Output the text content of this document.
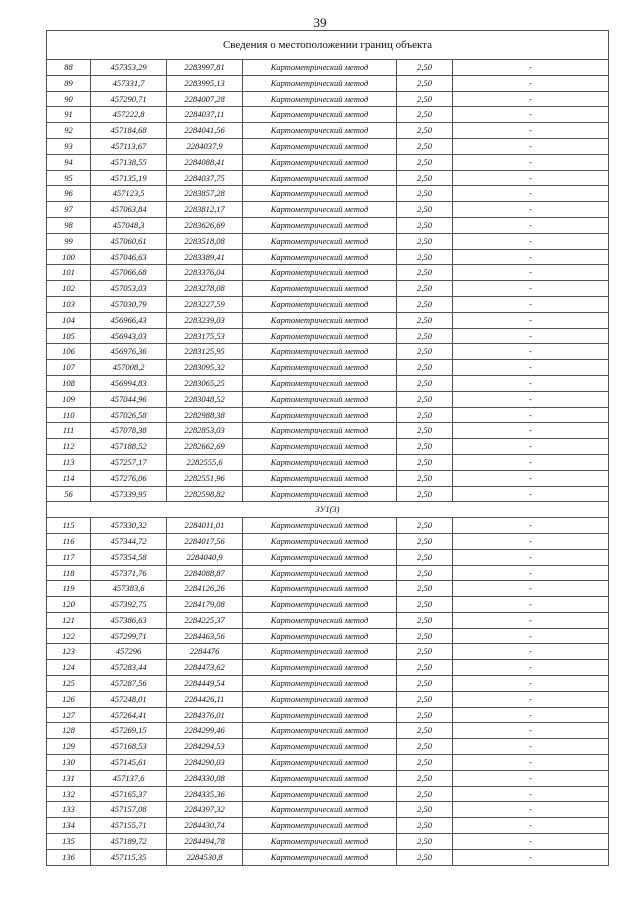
39
Сведения о местоположении границ объекта					
88	457353,29	2283997,81	Картометрический метод	2,50	-
89	457331,7	2283995,13	Картометрический метод	2,50	-
90	457290,71	2284007,28	Картометрический метод	2,50	-
91	457222,8	2284037,11	Картометрический метод	2,50	-
92	457184,68	2284041,56	Картометрический метод	2,50	-
93	457113,67	2284037,9	Картометрический метод	2,50	-
94	457138,55	2284088,41	Картометрический метод	2,50	-
95	457135,19	2284037,75	Картометрический метод	2,50	-
96	457123,5	2283857,28	Картометрический метод	2,50	-
97	457063,84	2283812,17	Картометрический метод	2,50	-
98	457048,3	2283626,69	Картометрический метод	2,50	-
99	457060,61	2283518,08	Картометрический метод	2,50	-
100	457046,63	2283389,41	Картометрический метод	2,50	-
101	457066,68	2283376,04	Картометрический метод	2,50	-
102	457053,03	2283278,08	Картометрический метод	2,50	-
103	457030,79	2283227,59	Картометрический метод	2,50	-
104	456966,43	2283239,03	Картометрический метод	2,50	-
105	456943,03	2283175,53	Картометрический метод	2,50	-
106	456976,36	2283125,95	Картометрический метод	2,50	-
107	457008,2	2283095,32	Картометрический метод	2,50	-
108	456994,83	2283065,25	Картометрический метод	2,50	-
109	457044,96	2283048,52	Картометрический метод	2,50	-
110	457026,58	2282988,38	Картометрический метод	2,50	-
111	457078,38	2282853,03	Картометрический метод	2,50	-
112	457188,52	2282662,69	Картометрический метод	2,50	-
113	457257,17	2282555,6	Картометрический метод	2,50	-
114	457276,06	2282551,96	Картометрический метод	2,50	-
56	457339,95	2282598,82	Картометрический метод	2,50	-
ЗУ1(3)					
115	457330,32	2284011,01	Картометрический метод	2,50	-
116	457344,72	2284017,56	Картометрический метод	2,50	-
117	457354,58	2284040,9	Картометрический метод	2,50	-
118	457371,76	2284088,87	Картометрический метод	2,50	-
119	457383,6	2284126,26	Картометрический метод	2,50	-
120	457392,75	2284179,08	Картометрический метод	2,50	-
121	457386,63	2284225,37	Картометрический метод	2,50	-
122	457299,71	2284463,56	Картометрический метод	2,50	-
123	457296	2284476	Картометрический метод	2,50	-
124	457283,44	2284473,62	Картометрический метод	2,50	-
125	457287,56	2284449,54	Картометрический метод	2,50	-
126	457248,01	2284426,11	Картометрический метод	2,50	-
127	457264,41	2284376,01	Картометрический метод	2,50	-
128	457269,15	2284299,46	Картометрический метод	2,50	-
129	457168,53	2284294,53	Картометрический метод	2,50	-
130	457145,61	2284290,03	Картометрический метод	2,50	-
131	457137,6	2284330,08	Картометрический метод	2,50	-
132	457165,37	2284335,36	Картометрический метод	2,50	-
133	457157,08	2284397,32	Картометрический метод	2,50	-
134	457155,71	2284430,74	Картометрический метод	2,50	-
135	457189,72	2284494,78	Картометрический метод	2,50	-
136	457115,35	2284530,8	Картометрический метод	2,50	-
